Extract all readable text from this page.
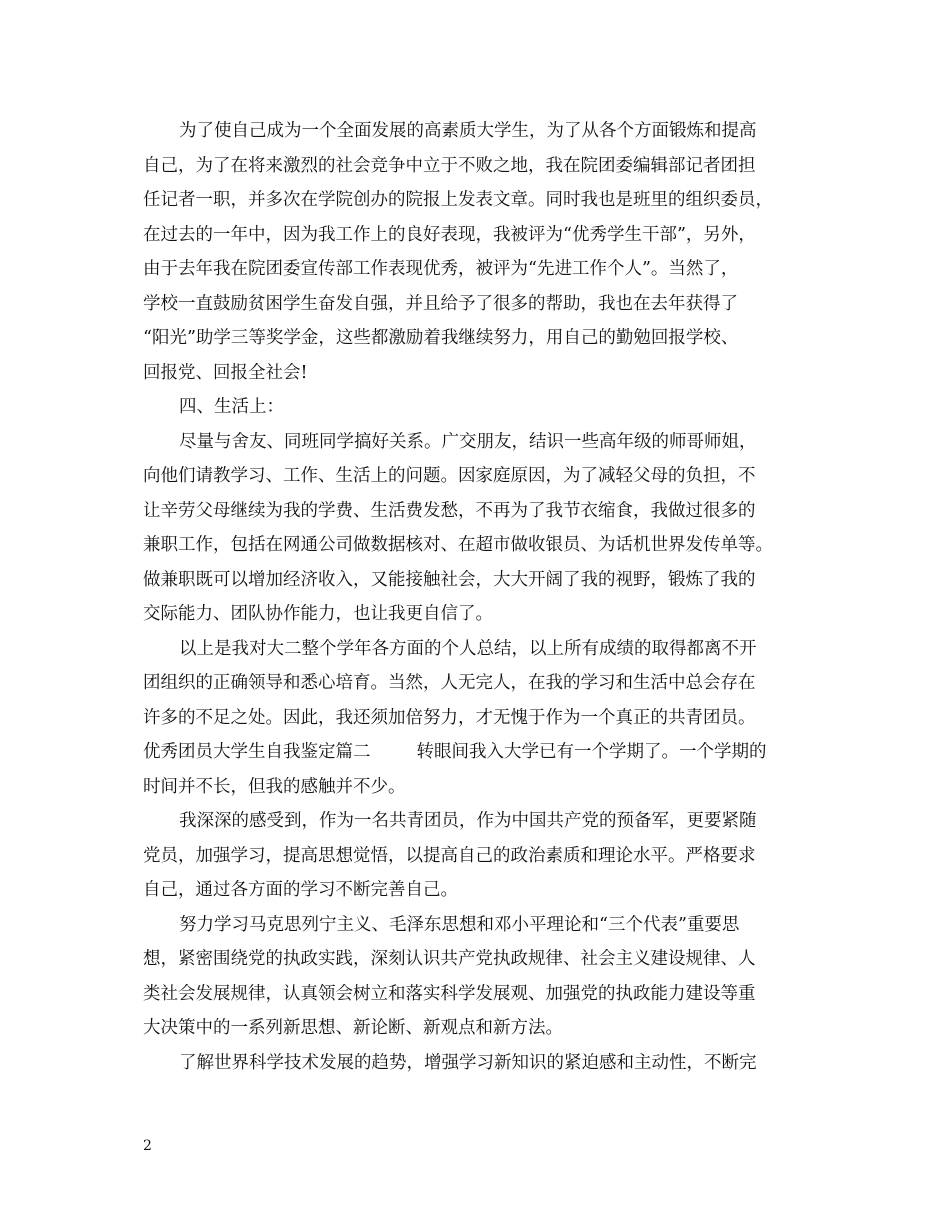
为了使自己成为一个全面发展的高素质大学生，为了从各个方面锻炼和提高
自己，为了在将来激烈的社会竞争中立于不败之地，我在院团委编辑部记者团担
任记者一职，并多次在学院创办的院报上发表文章。同时我也是班里的组织委员，
在过去的一年中，因为我工作上的良好表现，我被评为“优秀学生干部”，另外，
由于去年我在院团委宣传部工作表现优秀，被评为“先进工作个人”。当然了，
学校一直鼓励贫困学生奋发自强，并且给予了很多的帮助，我也在去年获得了
“阳光”助学三等奖学金，这些都激励着我继续努力，用自己的勤勉回报学校、
回报党、回报全社会!
四、生活上：
尽量与舍友、同班同学搞好关系。广交朋友，结识一些高年级的师哥师姐，
向他们请教学习、工作、生活上的问题。因家庭原因，为了减轻父母的负担，不
让辛劳父母继续为我的学费、生活费发愁，不再为了我节衣缩食，我做过很多的
兼职工作，包括在网通公司做数据核对、在超市做收银员、为话机世界发传单等。
做兼职既可以增加经济收入，又能接触社会，大大开阔了我的视野，锻炼了我的
交际能力、团队协作能力，也让我更自信了。
以上是我对大二整个学年各方面的个人总结，以上所有成绩的取得都离不开
团组织的正确领导和悉心培育。当然，人无完人，在我的学习和生活中总会存在
许多的不足之处。因此，我还须加倍努力，才无愧于作为一个真正的共青团员。
优秀团员大学生自我鉴定篇二	转眼间我入大学已有一个学期了。一个学期的
时间并不长，但我的感触并不少。
我深深的感受到，作为一名共青团员，作为中国共产党的预备军，更要紧随
党员，加强学习，提高思想觉悟，以提高自己的政治素质和理论水平。严格要求
自己，通过各方面的学习不断完善自己。
努力学习马克思列宁主义、毛泽东思想和邓小平理论和“三个代表”重要思
想，紧密围绕党的执政实践，深刻认识共产党执政规律、社会主义建设规律、人
类社会发展规律，认真领会树立和落实科学发展观、加强党的执政能力建设等重
大决策中的一系列新思想、新论断、新观点和新方法。
了解世界科学技术发展的趋势，增强学习新知识的紧迫感和主动性，不断完
2
